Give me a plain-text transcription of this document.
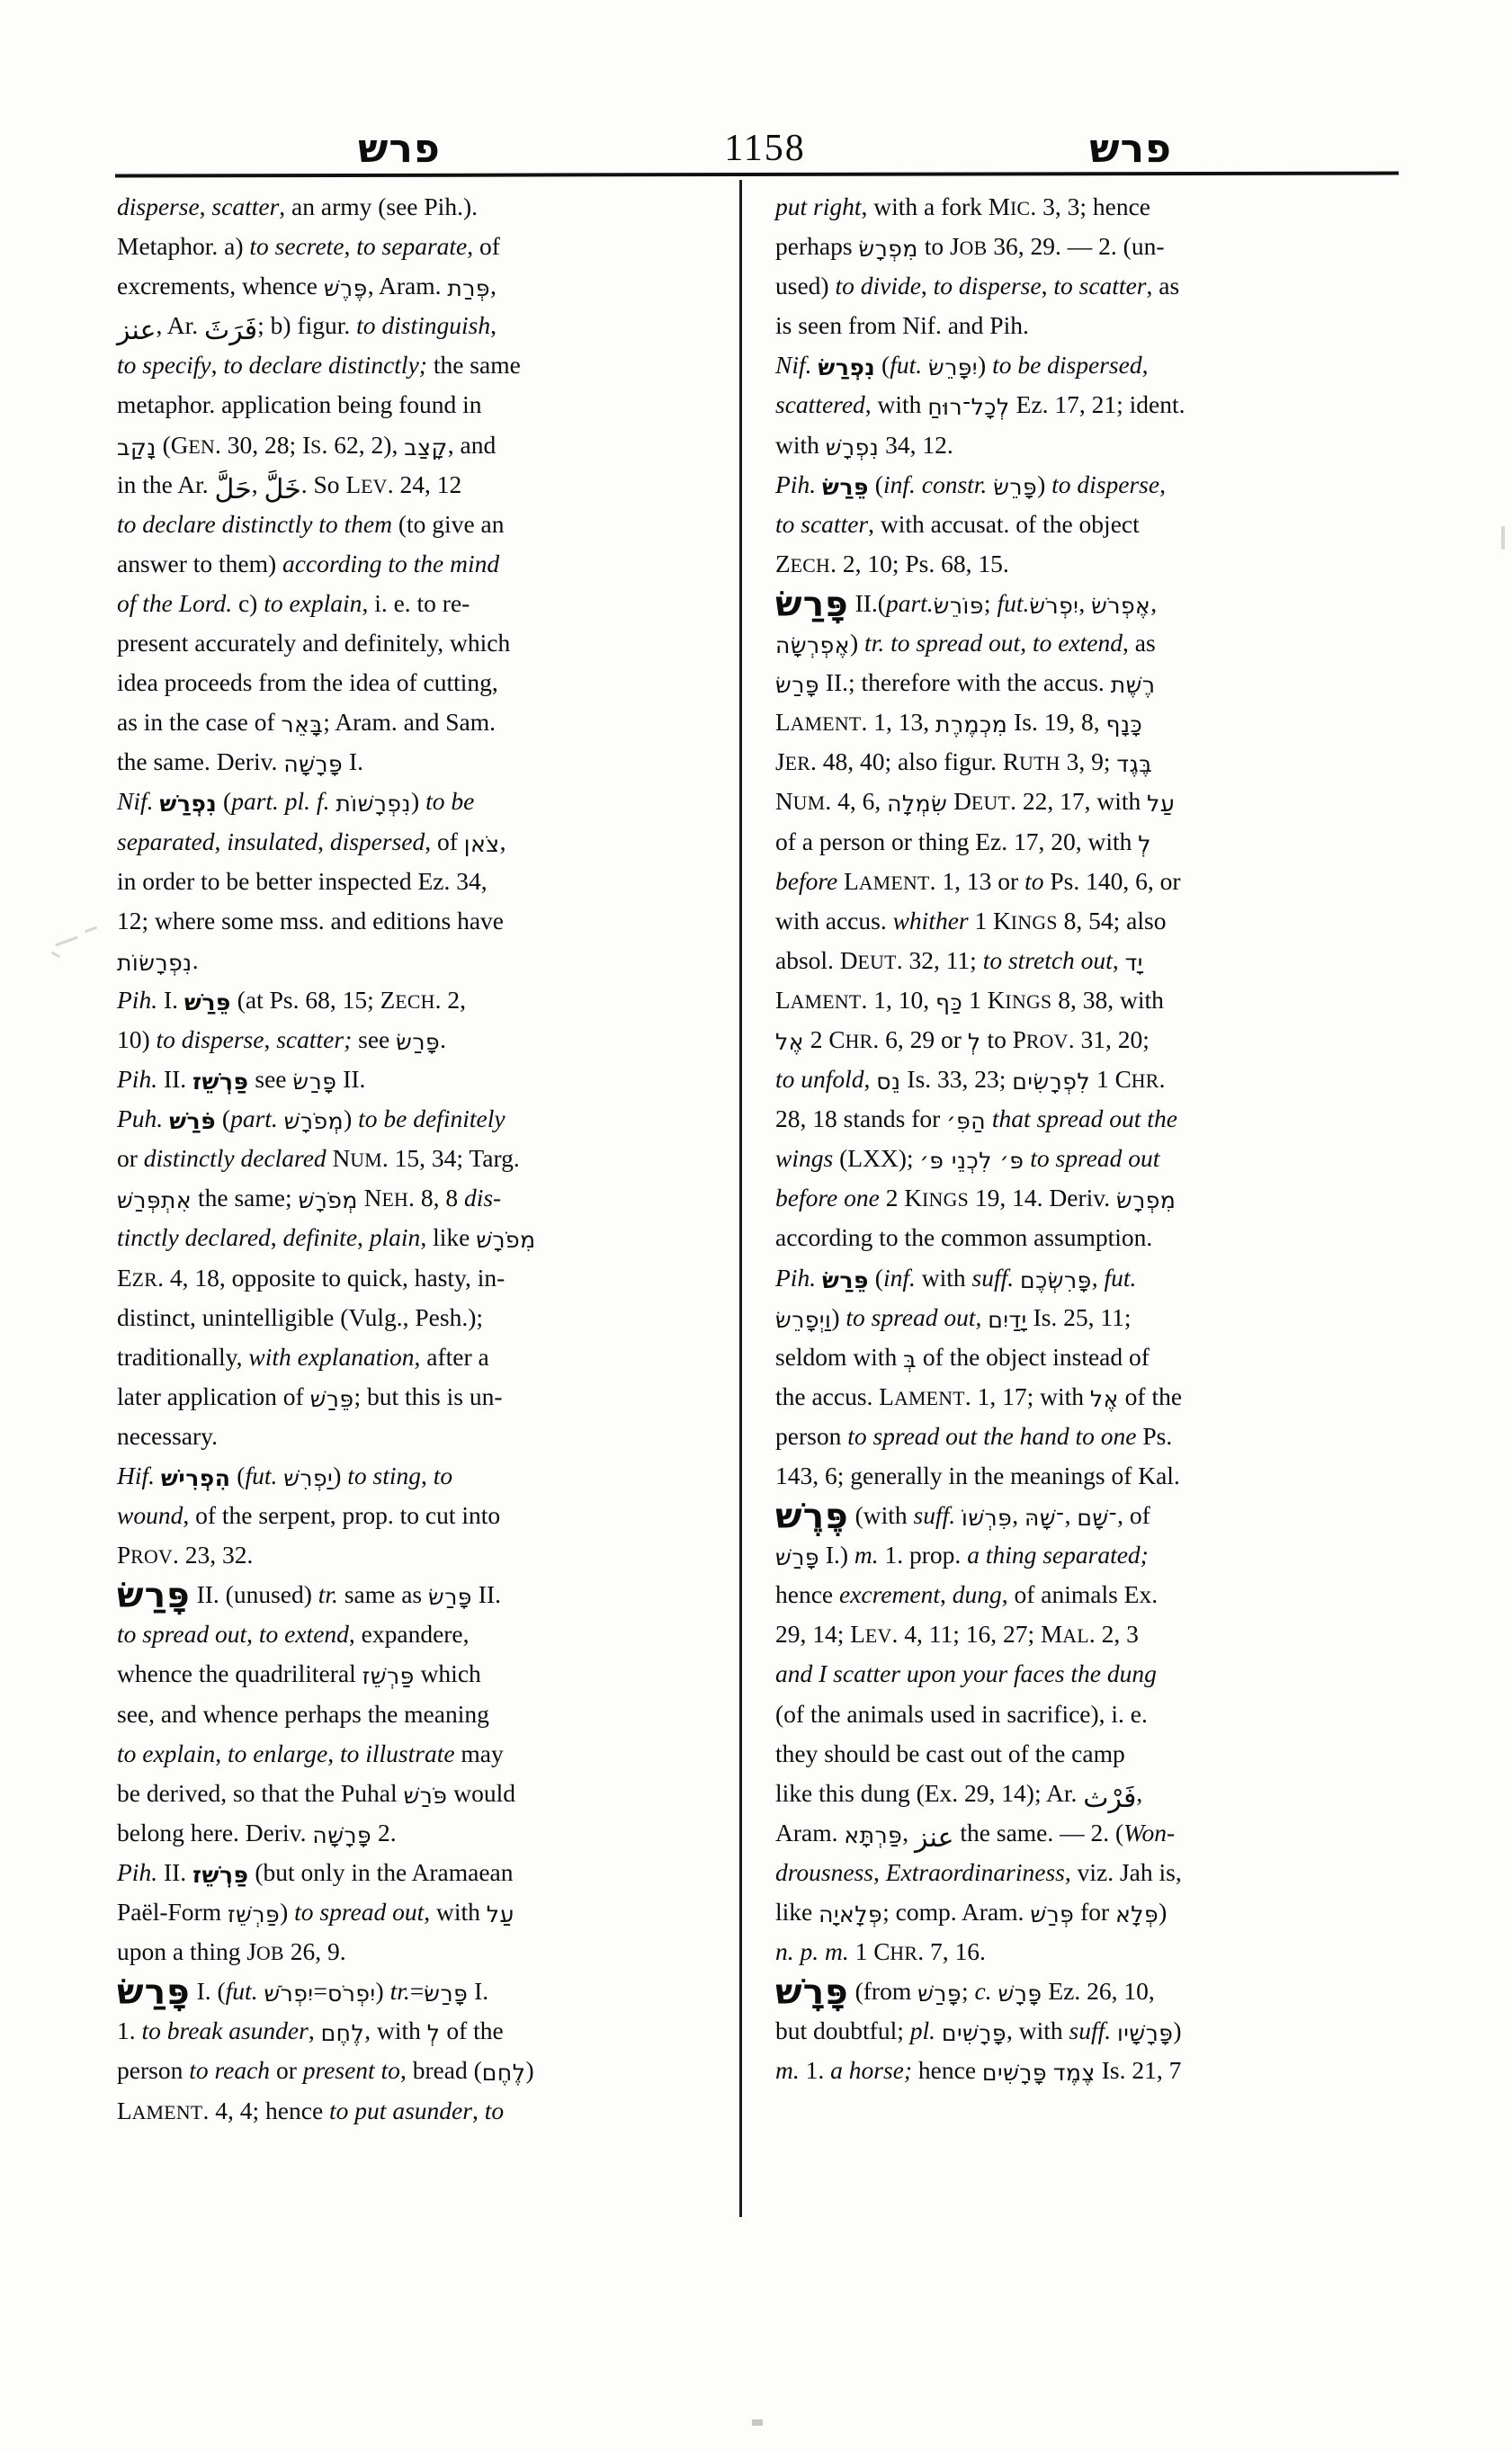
פרש	1158	פרש
disperse, scatter, an army (see Pih.).
Metaphor. a) to secrete, to separate, of
excrements, whence פֶּרֶשׁ, Aram. פְּרַת,
ﻋﻨﺰ, Ar. فَرَثَ; b) figur. to distinguish,
to specify, to declare distinctly; the same
metaphor. application being found in
נָקַב (GEN. 30, 28; IS. 62, 2), קָצַב, and
in the Ar. حَلَّ, خَلَّ. So LEV. 24, 12
to declare distinctly to them (to give an
answer to them) according to the mind
of the Lord. c) to explain, i. e. to re-
present accurately and definitely, which
idea proceeds from the idea of cutting,
as in the case of בָּאֵר; Aram. and Sam.
the same. Deriv. פָּרָשָׁה I.
Nif. נִפְרַשׁ (part. pl. f. נִפְרָשׁוֹת) to be
separated, insulated, dispersed, of צֹאן,
in order to be better inspected Ez. 34,
12; where some mss. and editions have
נִפְרָשׂוֹת.
Pih. I. פֵּרַשׁ (at Ps. 68, 15; ZECH. 2,
10) to disperse, scatter; see פָּרַשׂ.
Pih. II. פַּרְשֵׁז see פָּרַשׂ II.
Puh. פֹּרַשׁ (part. מְפֹרָשׁ) to be definitely
or distinctly declared NUM. 15, 34; Targ.
אִתְפְּרַשׁ the same; מְפֹרָשׁ NEH. 8, 8 dis-
tinctly declared, definite, plain, like מִפֹרָשׁ
EZR. 4, 18, opposite to quick, hasty, in-
distinct, unintelligible (Vulg., Pesh.);
traditionally, with explanation, after a
later application of פֵּרַשׁ; but this is un-
necessary.
Hif. הִפְרִישׁ (fut. יַפְרִשׁ) to sting, to
wound, of the serpent, prop. to cut into
PROV. 23, 32.
פָּרַשׂ II. (unused) tr. same as פָּרַשׂ II.
to spread out, to extend, expandere,
whence the quadriliteral פַּרְשֵׁז which
see, and whence perhaps the meaning
to explain, to enlarge, to illustrate may
be derived, so that the Puhal פֹּרַשׁ would
belong here. Deriv. פָּרָשָׁה 2.
Pih. II. פַּרְשֵׁז (but only in the Aramaean
Paël-Form פַּרְשֵׁז) to spread out, with עַל
upon a thing JOB 26, 9.
פָּרַשׂ I. (fut. יִפְרֹשׁ=יִפְרֹס) tr.=פָּרַשׂ I.
1. to break asunder, לֶחֶם, with לְ of the
person to reach or present to, bread (לֶחֶם)
LAMENT. 4, 4; hence to put asunder, to
put right, with a fork MIC. 3, 3; hence
perhaps מִפְרָשׂ to JOB 36, 29. — 2. (un-
used) to divide, to disperse, to scatter, as
is seen from Nif. and Pih.
Nif. נִפְרַשׂ (fut. יִפָּרֵשׂ) to be dispersed,
scattered, with לְכָל־רוּחַ Ez. 17, 21; ident.
with נִפְרָשׁ 34, 12.
Pih. פֵּרַשׂ (inf. constr. פָּרֵשׂ) to disperse,
to scatter, with accusat. of the object
ZECH. 2, 10; Ps. 68, 15.
פָּרַשׂ II.(part.פּוֹרֵשׂ; fut.יִפְרֹשׂ, אֶפְרֹשׂ,
אֶפְרְשָׂה) tr. to spread out, to extend, as
פָּרַשׂ II.; therefore with the accus. רֶשֶׁת
LAMENT. 1, 13, מִכְמֶרֶת Is. 19, 8, כָּנָף
JER. 48, 40; also figur. RUTH 3, 9; בֶּגֶד
NUM. 4, 6, שִׂמְלָה DEUT. 22, 17, with עַל
of a person or thing Ez. 17, 20, with לְ
before LAMENT. 1, 13 or to Ps. 140, 6, or
with accus. whither 1 KINGS 8, 54; also
absol. DEUT. 32, 11; to stretch out, יָד
LAMENT. 1, 10, כַּף 1 KINGS 8, 38, with
אֶל 2 CHR. 6, 29 or לְ to PROV. 31, 20;
to unfold, נֵס Is. 33, 23; לִפְרָשִׂים 1 CHR.
28, 18 stands for הַפִּ׳ that spread out the
wings (LXX); פּ׳ לִכְנֵי פּ׳ to spread out
before one 2 KINGS 19, 14. Deriv. מִפְרָשׂ
according to the common assumption.
Pih. פֵּרַשׂ (inf. with suff. פָּרִשְׂכֶם, fut.
וַיְפָרֵשׂ) to spread out, יָדַיִם Is. 25, 11;
seldom with בְּ of the object instead of
the accus. LAMENT. 1, 17; with אֶל of the
person to spread out the hand to one Ps.
143, 6; generally in the meanings of Kal.
פֶּרֶשׁ (with suff. פִּרְשׁוֹ, ־שָׁהּ, ־שָׁם, of
פָּרַשׁ I.) m. 1. prop. a thing separated;
hence excrement, dung, of animals Ex.
29, 14; LEV. 4, 11; 16, 27; MAL. 2, 3
and I scatter upon your faces the dung
(of the animals used in sacrifice), i. e.
they should be cast out of the camp
like this dung (Ex. 29, 14); Ar. فَرْث,
Aram. פַּרְתָּא, ﻋﻨﺰ the same. — 2. (Won-
drousness, Extraordinariness, viz. Jah is,
like פְּלָאיָה; comp. Aram. פְּרַשׁ for פְּלָא)
n. p. m. 1 CHR. 7, 16.
פָּרָשׁ (from פָּרַשׁ; c. פָּרָשׁ Ez. 26, 10,
but doubtful; pl. פָּרָשִׁים, with suff. פָּרָשָׁיו)
m. 1. a horse; hence פָּרָשִׁים צֶמֶד Is. 21, 7
